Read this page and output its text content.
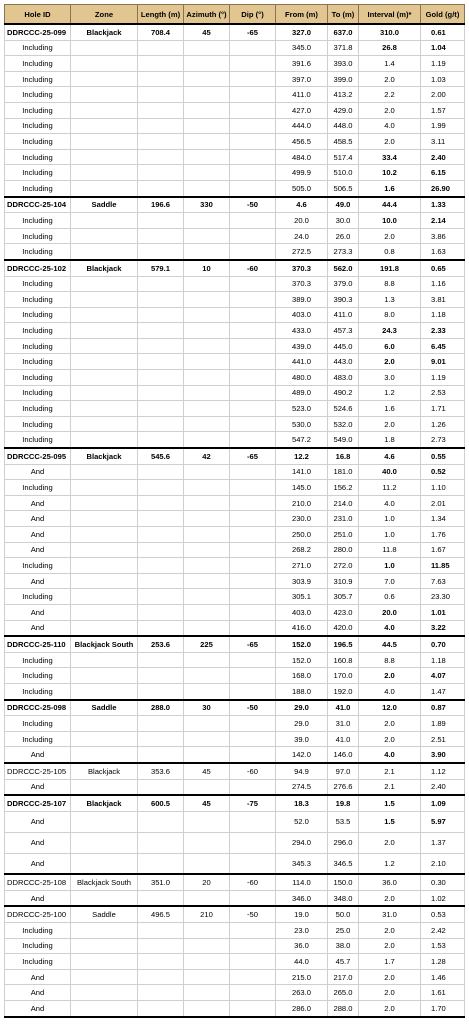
Hole ID	Zone	Length (m)	Azimuth (°)	Dip (°)	From (m)	To (m)	Interval (m)*	Gold (g/t)
DDRCCC-25-099	Blackjack	708.4	45	-65	327.0	637.0	310.0	0.61
Including					345.0	371.8	26.8	1.04
Including					391.6	393.0	1.4	1.19
Including					397.0	399.0	2.0	1.03
Including					411.0	413.2	2.2	2.00
Including					427.0	429.0	2.0	1.57
Including					444.0	448.0	4.0	1.99
Including					456.5	458.5	2.0	3.11
Including					484.0	517.4	33.4	2.40
Including					499.9	510.0	10.2	6.15
Including					505.0	506.5	1.6	26.90
DDRCCC-25-104	Saddle	196.6	330	-50	4.6	49.0	44.4	1.33
Including					20.0	30.0	10.0	2.14
Including					24.0	26.0	2.0	3.86
Including					272.5	273.3	0.8	1.63
DDRCCC-25-102	Blackjack	579.1	10	-60	370.3	562.0	191.8	0.65
Including					370.3	379.0	8.8	1.16
Including					389.0	390.3	1.3	3.81
Including					403.0	411.0	8.0	1.18
Including					433.0	457.3	24.3	2.33
Including					439.0	445.0	6.0	6.45
Including					441.0	443.0	2.0	9.01
Including					480.0	483.0	3.0	1.19
Including					489.0	490.2	1.2	2.53
Including					523.0	524.6	1.6	1.71
Including					530.0	532.0	2.0	1.26
Including					547.2	549.0	1.8	2.73
DDRCCC-25-095	Blackjack	545.6	42	-65	12.2	16.8	4.6	0.55
And					141.0	181.0	40.0	0.52
Including					145.0	156.2	11.2	1.10
And					210.0	214.0	4.0	2.01
And					230.0	231.0	1.0	1.34
And					250.0	251.0	1.0	1.76
And					268.2	280.0	11.8	1.67
Including					271.0	272.0	1.0	11.85
And					303.9	310.9	7.0	7.63
Including					305.1	305.7	0.6	23.30
And					403.0	423.0	20.0	1.01
And					416.0	420.0	4.0	3.22
DDRCCC-25-110	Blackjack South	253.6	225	-65	152.0	196.5	44.5	0.70
Including					152.0	160.8	8.8	1.18
Including					168.0	170.0	2.0	4.07
Including					188.0	192.0	4.0	1.47
DDRCCC-25-098	Saddle	288.0	30	-50	29.0	41.0	12.0	0.87
Including					29.0	31.0	2.0	1.89
Including					39.0	41.0	2.0	2.51
And					142.0	146.0	4.0	3.90
DDRCCC-25-105	Blackjack	353.6	45	-60	94.9	97.0	2.1	1.12
And					274.5	276.6	2.1	2.40
DDRCCC-25-107	Blackjack	600.5	45	-75	18.3	19.8	1.5	1.09
And					52.0	53.5	1.5	5.97
And					294.0	296.0	2.0	1.37
And					345.3	346.5	1.2	2.10
DDRCCC-25-108	Blackjack South	351.0	20	-60	114.0	150.0	36.0	0.30
And					346.0	348.0	2.0	1.02
DDRCCC-25-100	Saddle	496.5	210	-50	19.0	50.0	31.0	0.53
Including					23.0	25.0	2.0	2.42
Including					36.0	38.0	2.0	1.53
Including					44.0	45.7	1.7	1.28
And					215.0	217.0	2.0	1.46
And					263.0	265.0	2.0	1.61
And					286.0	288.0	2.0	1.70
